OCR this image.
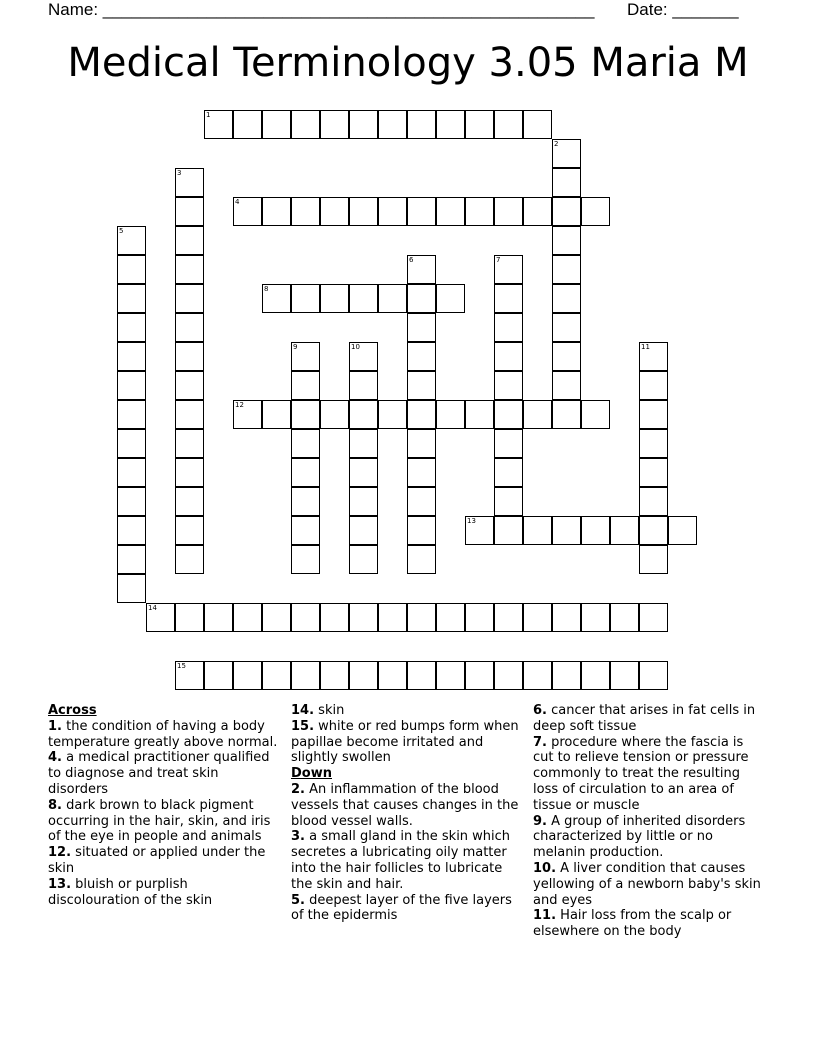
Name: ____________________________________________________ Date: _______
Medical Terminology 3.05 Maria M
1
2
3
4
5
6	7
8
9	10	11
12
13
14
15
Across
1. the condition of having a body temperature greatly above normal.
4. a medical practitioner qualified to diagnose and treat skin disorders
8. dark brown to black pigment occurring in the hair, skin, and iris of the eye in people and animals
12. situated or applied under the skin
13. bluish or purplish discolouration of the skin
14. skin
15. white or red bumps form when papillae become irritated and slightly swollen
Down
2. An inflammation of the blood vessels that causes changes in the blood vessel walls.
3. a small gland in the skin which secretes a lubricating oily matter into the hair follicles to lubricate the skin and hair.
5. deepest layer of the five layers of the epidermis
6. cancer that arises in fat cells in deep soft tissue
7. procedure where the fascia is cut to relieve tension or pressure commonly to treat the resulting loss of circulation to an area of tissue or muscle
9. A group of inherited disorders characterized by little or no melanin production.
10. A liver condition that causes yellowing of a newborn baby's skin and eyes
11. Hair loss from the scalp or elsewhere on the body
